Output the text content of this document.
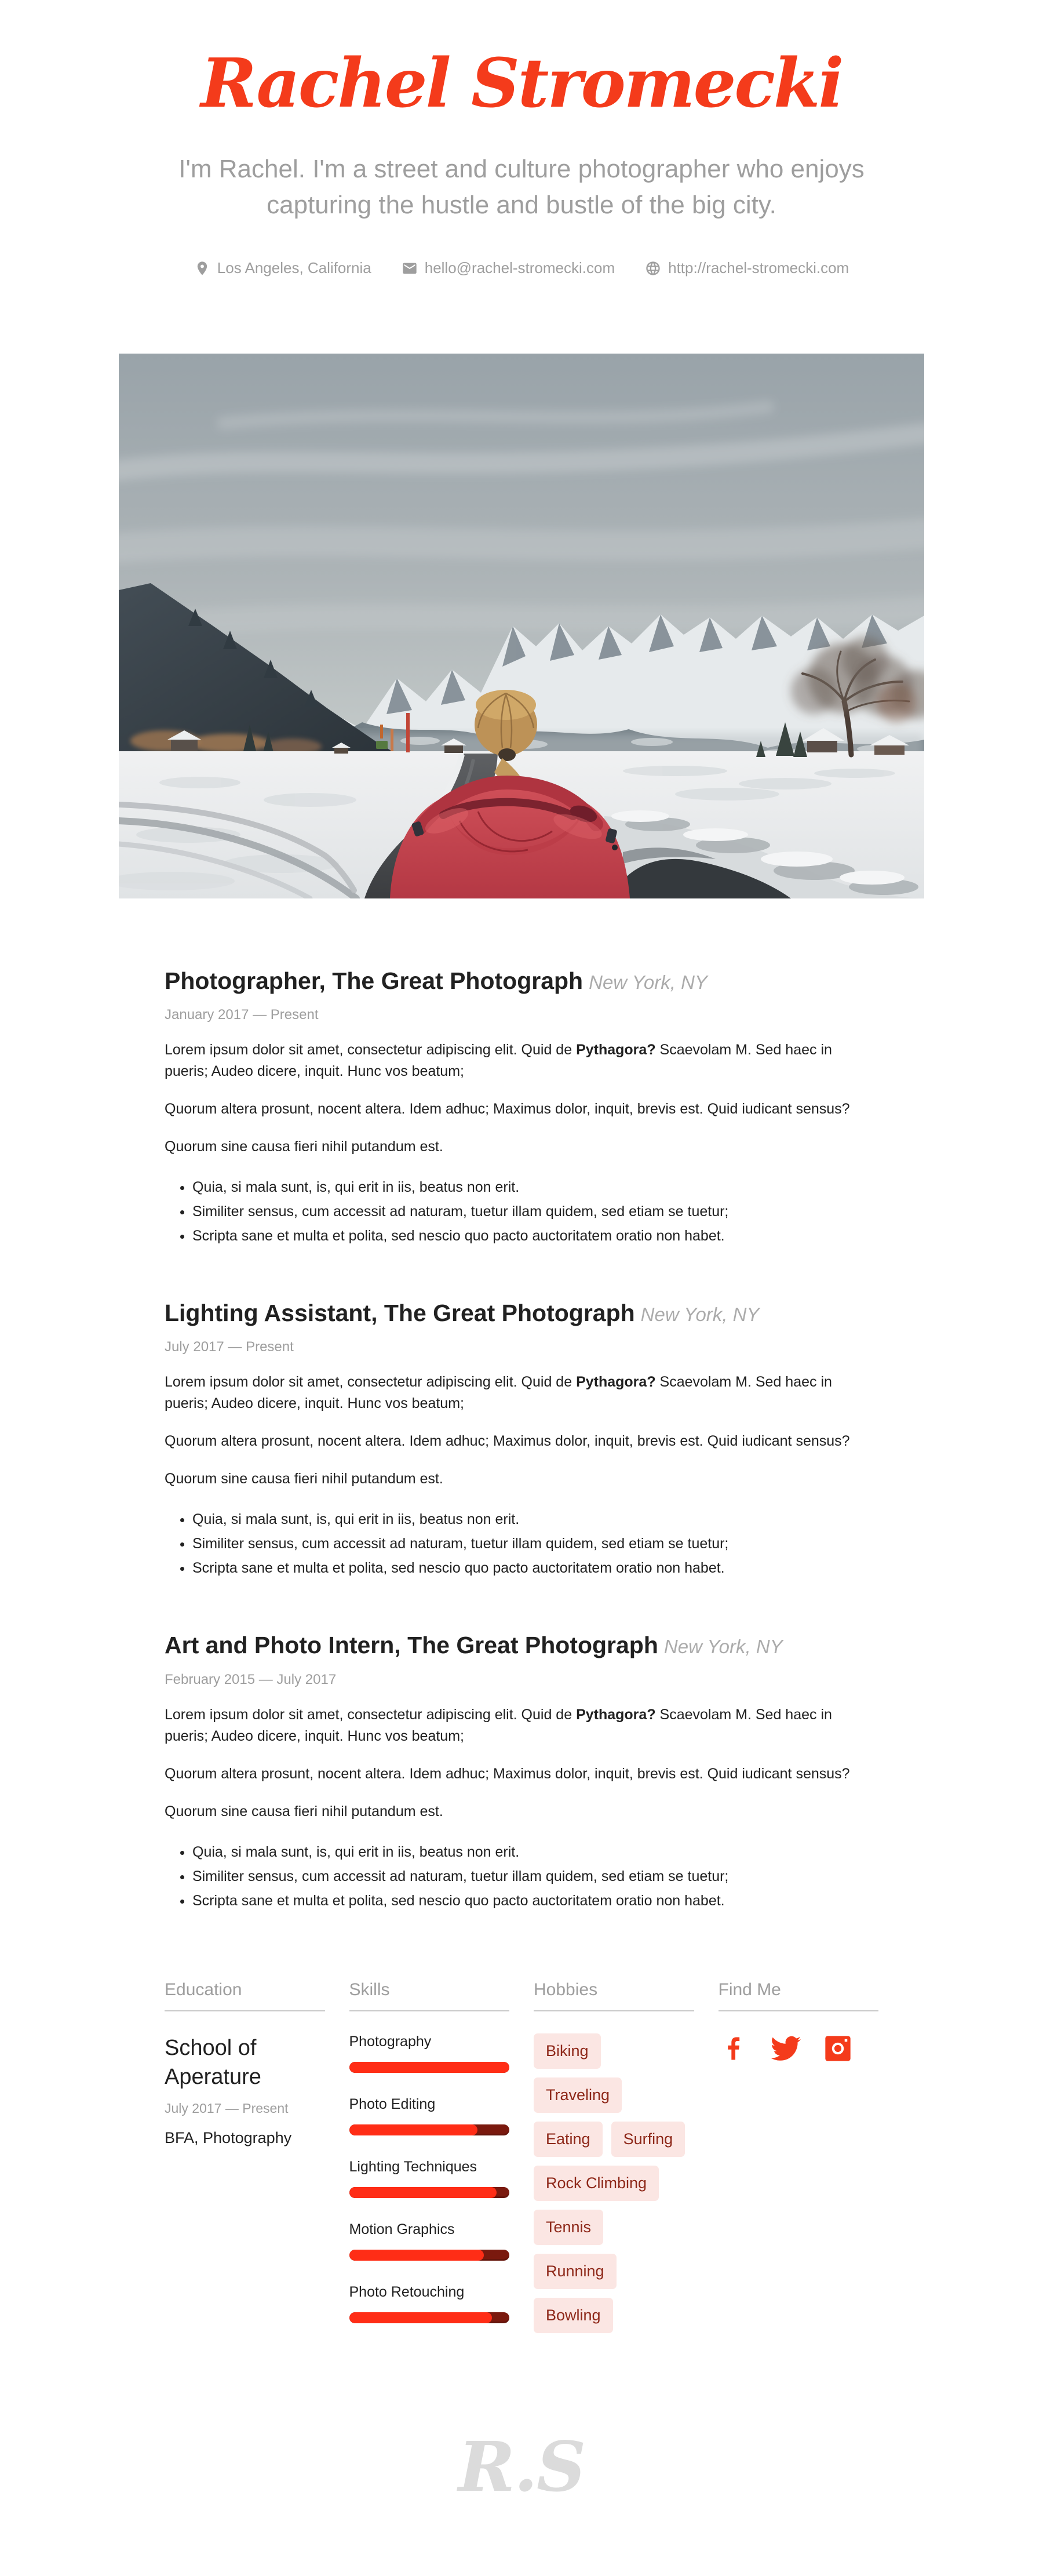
Rachel Stromecki

I'm Rachel. I'm a street and culture photographer who enjoys capturing the hustle and bustle of the big city.

Los Angeles, California	hello@rachel-stromecki.com	http://rachel-stromecki.com
Photographer, The Great Photograph New York, NY

January 2017 — Present

Lorem ipsum dolor sit amet, consectetur adipiscing elit. Quid de Pythagora? Scaevolam M. Sed haec in pueris; Audeo dicere, inquit. Hunc vos beatum;

Quorum altera prosunt, nocent altera. Idem adhuc; Maximus dolor, inquit, brevis est. Quid iudicant sensus?

Quorum sine causa fieri nihil putandum est.

• Quia, si mala sunt, is, qui erit in iis, beatus non erit.
• Similiter sensus, cum accessit ad naturam, tuetur illam quidem, sed etiam se tuetur;
• Scripta sane et multa et polita, sed nescio quo pacto auctoritatem oratio non habet.
Lighting Assistant, The Great Photograph New York, NY

July 2017 — Present

Lorem ipsum dolor sit amet, consectetur adipiscing elit. Quid de Pythagora? Scaevolam M. Sed haec in pueris; Audeo dicere, inquit. Hunc vos beatum;

Quorum altera prosunt, nocent altera. Idem adhuc; Maximus dolor, inquit, brevis est. Quid iudicant sensus?

Quorum sine causa fieri nihil putandum est.

• Quia, si mala sunt, is, qui erit in iis, beatus non erit.
• Similiter sensus, cum accessit ad naturam, tuetur illam quidem, sed etiam se tuetur;
• Scripta sane et multa et polita, sed nescio quo pacto auctoritatem oratio non habet.
Art and Photo Intern, The Great Photograph New York, NY

February 2015 — July 2017

Lorem ipsum dolor sit amet, consectetur adipiscing elit. Quid de Pythagora? Scaevolam M. Sed haec in pueris; Audeo dicere, inquit. Hunc vos beatum;

Quorum altera prosunt, nocent altera. Idem adhuc; Maximus dolor, inquit, brevis est. Quid iudicant sensus?

Quorum sine causa fieri nihil putandum est.

• Quia, si mala sunt, is, qui erit in iis, beatus non erit.
• Similiter sensus, cum accessit ad naturam, tuetur illam quidem, sed etiam se tuetur;
• Scripta sane et multa et polita, sed nescio quo pacto auctoritatem oratio non habet.
Education
School of Aperature
July 2017 — Present
BFA, Photography
Skills
Photography
Photo Editing
Lighting Techniques
Motion Graphics
Photo Retouching
Hobbies
Biking
Traveling
Eating	Surfing
Rock Climbing
Tennis
Running
Bowling
Find Me
R.S
